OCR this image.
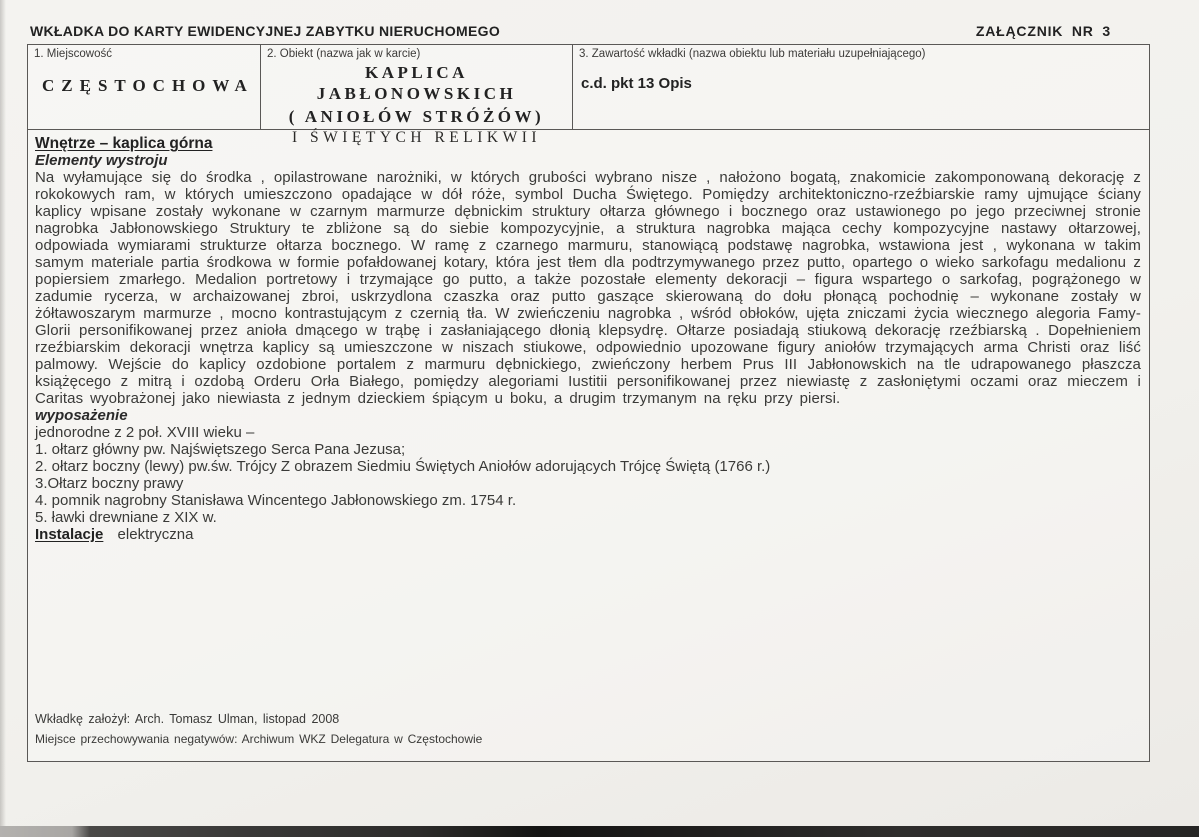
WKŁADKA DO KARTY EWIDENCYJNEJ ZABYTKU NIERUCHOMEGO	ZAŁĄCZNIK NR 3
1. Miejscowość
CZĘSTOCHOWA
2. Obiekt (nazwa jak w karcie)
KAPLICA JABŁONOWSKICH
( ANIOŁÓW STRÓŻÓW)
I ŚWIĘTYCH RELIKWII
3. Zawartość wkładki (nazwa obiektu lub materiału uzupełniającego)
c.d. pkt 13 Opis
Wnętrze – kaplica górna
Elementy wystroju
Na wyłamujące się do środka , opilastrowane narożniki, w których grubości wybrano nisze , nałożono bogatą, znakomicie zakomponowaną dekorację z rokokowych ram, w których umieszczono opadające w dół róże, symbol Ducha Świętego. Pomiędzy architektoniczno-rzeźbiarskie ramy ujmujące ściany kaplicy wpisane zostały wykonane w czarnym marmurze dębnickim struktury ołtarza głównego i bocznego oraz ustawionego po jego przeciwnej stronie nagrobka Jabłonowskiego Struktury te zbliżone są do siebie kompozycyjnie, a struktura nagrobka mająca cechy kompozycyjne nastawy ołtarzowej, odpowiada wymiarami strukturze ołtarza bocznego. W ramę z czarnego marmuru, stanowiącą podstawę nagrobka, wstawiona jest , wykonana w takim samym materiale partia środkowa w formie pofałdowanej kotary, która jest tłem dla podtrzymywanego przez putto, opartego o wieko sarkofagu medalionu z popiersiem zmarłego. Medalion portretowy i trzymające go putto, a także pozostałe elementy dekoracji – figura wspartego o sarkofag, pogrążonego w zadumie rycerza, w archaizowanej zbroi, uskrzydlona czaszka oraz putto gaszące skierowaną do dołu płonącą pochodnię – wykonane zostały w żółtawoszarym marmurze , mocno kontrastującym z czernią tła. W zwieńczeniu nagrobka , wśród obłoków, ujęta zniczami życia wiecznego alegoria Famy-Glorii personifikowanej przez anioła dmącego w trąbę i zasłaniającego dłonią klepsydrę. Ołtarze posiadają stiukową dekorację rzeźbiarską . Dopełnieniem rzeźbiarskim dekoracji wnętrza kaplicy są umieszczone w niszach stiukowe, odpowiednio upozowane figury aniołów trzymających arma Christi oraz liść palmowy. Wejście do kaplicy ozdobione portalem z marmuru dębnickiego, zwieńczony herbem Prus III Jabłonowskich na tle udrapowanego płaszcza książęcego z mitrą i ozdobą Orderu Orła Białego, pomiędzy alegoriami Iustitii personifikowanej przez niewiastę z zasłoniętymi oczami oraz mieczem i Caritas wyobrażonej jako niewiasta z jednym dzieckiem śpiącym u boku, a drugim trzymanym na ręku przy piersi.
wyposażenie
jednorodne z 2 poł. XVIII wieku –
1. ołtarz główny pw. Najświętszego Serca Pana Jezusa;
2. ołtarz boczny (lewy) pw.św. Trójcy Z obrazem Siedmiu Świętych Aniołów adorujących Trójcę Świętą (1766 r.)
3.Ołtarz boczny prawy
4. pomnik nagrobny Stanisława Wincentego Jabłonowskiego zm. 1754 r.
5. ławki drewniane z XIX w.
Instalacje elektryczna
Wkładkę założył: Arch. Tomasz Ulman, listopad 2008
Miejsce przechowywania negatywów: Archiwum WKZ Delegatura w Częstochowie
